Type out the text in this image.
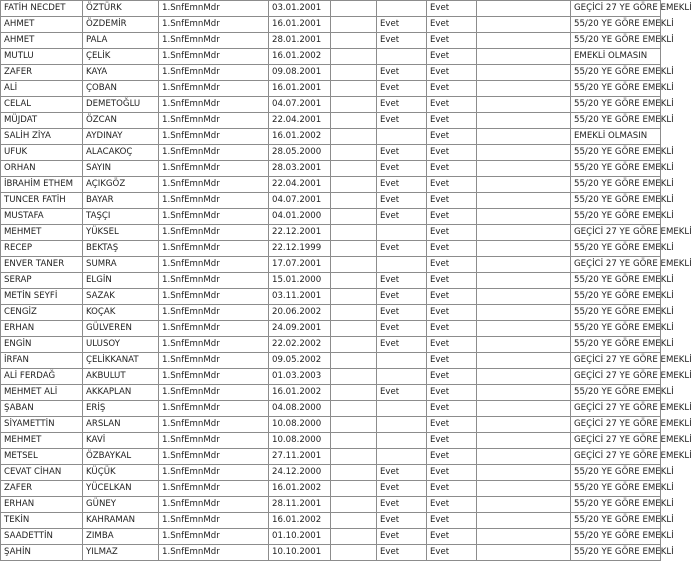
FATİH NECDET	ÖZTÜRK	1.SnfEmnMdr	03.01.2001			Evet		GEÇİCİ 27 YE GÖRE EMEKLİ
AHMET	ÖZDEMİR	1.SnfEmnMdr	16.01.2001		Evet	Evet		55/20 YE GÖRE EMEKLİ
AHMET	PALA	1.SnfEmnMdr	28.01.2001		Evet	Evet		55/20 YE GÖRE EMEKLİ
MUTLU	ÇELİK	1.SnfEmnMdr	16.01.2002			Evet		EMEKLİ OLMASIN
ZAFER	KAYA	1.SnfEmnMdr	09.08.2001		Evet	Evet		55/20 YE GÖRE EMEKLİ
ALİ	ÇOBAN	1.SnfEmnMdr	16.01.2001		Evet	Evet		55/20 YE GÖRE EMEKLİ
CELAL	DEMETOĞLU	1.SnfEmnMdr	04.07.2001		Evet	Evet		55/20 YE GÖRE EMEKLİ
MÜJDAT	ÖZCAN	1.SnfEmnMdr	22.04.2001		Evet	Evet		55/20 YE GÖRE EMEKLİ
SALİH ZİYA	AYDINAY	1.SnfEmnMdr	16.01.2002			Evet		EMEKLİ OLMASIN
UFUK	ALACAKOÇ	1.SnfEmnMdr	28.05.2000		Evet	Evet		55/20 YE GÖRE EMEKLİ
ORHAN	SAYIN	1.SnfEmnMdr	28.03.2001		Evet	Evet		55/20 YE GÖRE EMEKLİ
İBRAHİM ETHEM	AÇIKGÖZ	1.SnfEmnMdr	22.04.2001		Evet	Evet		55/20 YE GÖRE EMEKLİ
TUNCER FATİH	BAYAR	1.SnfEmnMdr	04.07.2001		Evet	Evet		55/20 YE GÖRE EMEKLİ
MUSTAFA	TAŞÇI	1.SnfEmnMdr	04.01.2000		Evet	Evet		55/20 YE GÖRE EMEKLİ
MEHMET	YÜKSEL	1.SnfEmnMdr	22.12.2001			Evet		GEÇİCİ 27 YE GÖRE EMEKLİ
RECEP	BEKTAŞ	1.SnfEmnMdr	22.12.1999		Evet	Evet		55/20 YE GÖRE EMEKLİ
ENVER TANER	SUMRA	1.SnfEmnMdr	17.07.2001			Evet		GEÇİCİ 27 YE GÖRE EMEKLİ
SERAP	ELGİN	1.SnfEmnMdr	15.01.2000		Evet	Evet		55/20 YE GÖRE EMEKLİ
METİN SEYFİ	SAZAK	1.SnfEmnMdr	03.11.2001		Evet	Evet		55/20 YE GÖRE EMEKLİ
CENGİZ	KOÇAK	1.SnfEmnMdr	20.06.2002		Evet	Evet		55/20 YE GÖRE EMEKLİ
ERHAN	GÜLVEREN	1.SnfEmnMdr	24.09.2001		Evet	Evet		55/20 YE GÖRE EMEKLİ
ENGİN	ULUSOY	1.SnfEmnMdr	22.02.2002		Evet	Evet		55/20 YE GÖRE EMEKLİ
İRFAN	ÇELİKKANAT	1.SnfEmnMdr	09.05.2002			Evet		GEÇİCİ 27 YE GÖRE EMEKLİ
ALİ FERDAĞ	AKBULUT	1.SnfEmnMdr	01.03.2003			Evet		GEÇİCİ 27 YE GÖRE EMEKLİ
MEHMET ALİ	AKKAPLAN	1.SnfEmnMdr	16.01.2002		Evet	Evet		55/20 YE GÖRE EMEKLİ
ŞABAN	ERİŞ	1.SnfEmnMdr	04.08.2000			Evet		GEÇİCİ 27 YE GÖRE EMEKLİ
SİYAMETTİN	ARSLAN	1.SnfEmnMdr	10.08.2000			Evet		GEÇİCİ 27 YE GÖRE EMEKLİ
MEHMET	KAVİ	1.SnfEmnMdr	10.08.2000			Evet		GEÇİCİ 27 YE GÖRE EMEKLİ
METSEL	ÖZBAYKAL	1.SnfEmnMdr	27.11.2001			Evet		GEÇİCİ 27 YE GÖRE EMEKLİ
CEVAT CİHAN	KÜÇÜK	1.SnfEmnMdr	24.12.2000		Evet	Evet		55/20 YE GÖRE EMEKLİ
ZAFER	YÜCELKAN	1.SnfEmnMdr	16.01.2002		Evet	Evet		55/20 YE GÖRE EMEKLİ
ERHAN	GÜNEY	1.SnfEmnMdr	28.11.2001		Evet	Evet		55/20 YE GÖRE EMEKLİ
TEKİN	KAHRAMAN	1.SnfEmnMdr	16.01.2002		Evet	Evet		55/20 YE GÖRE EMEKLİ
SAADETTİN	ZIMBA	1.SnfEmnMdr	01.10.2001		Evet	Evet		55/20 YE GÖRE EMEKLİ
ŞAHİN	YILMAZ	1.SnfEmnMdr	10.10.2001		Evet	Evet		55/20 YE GÖRE EMEKLİ
